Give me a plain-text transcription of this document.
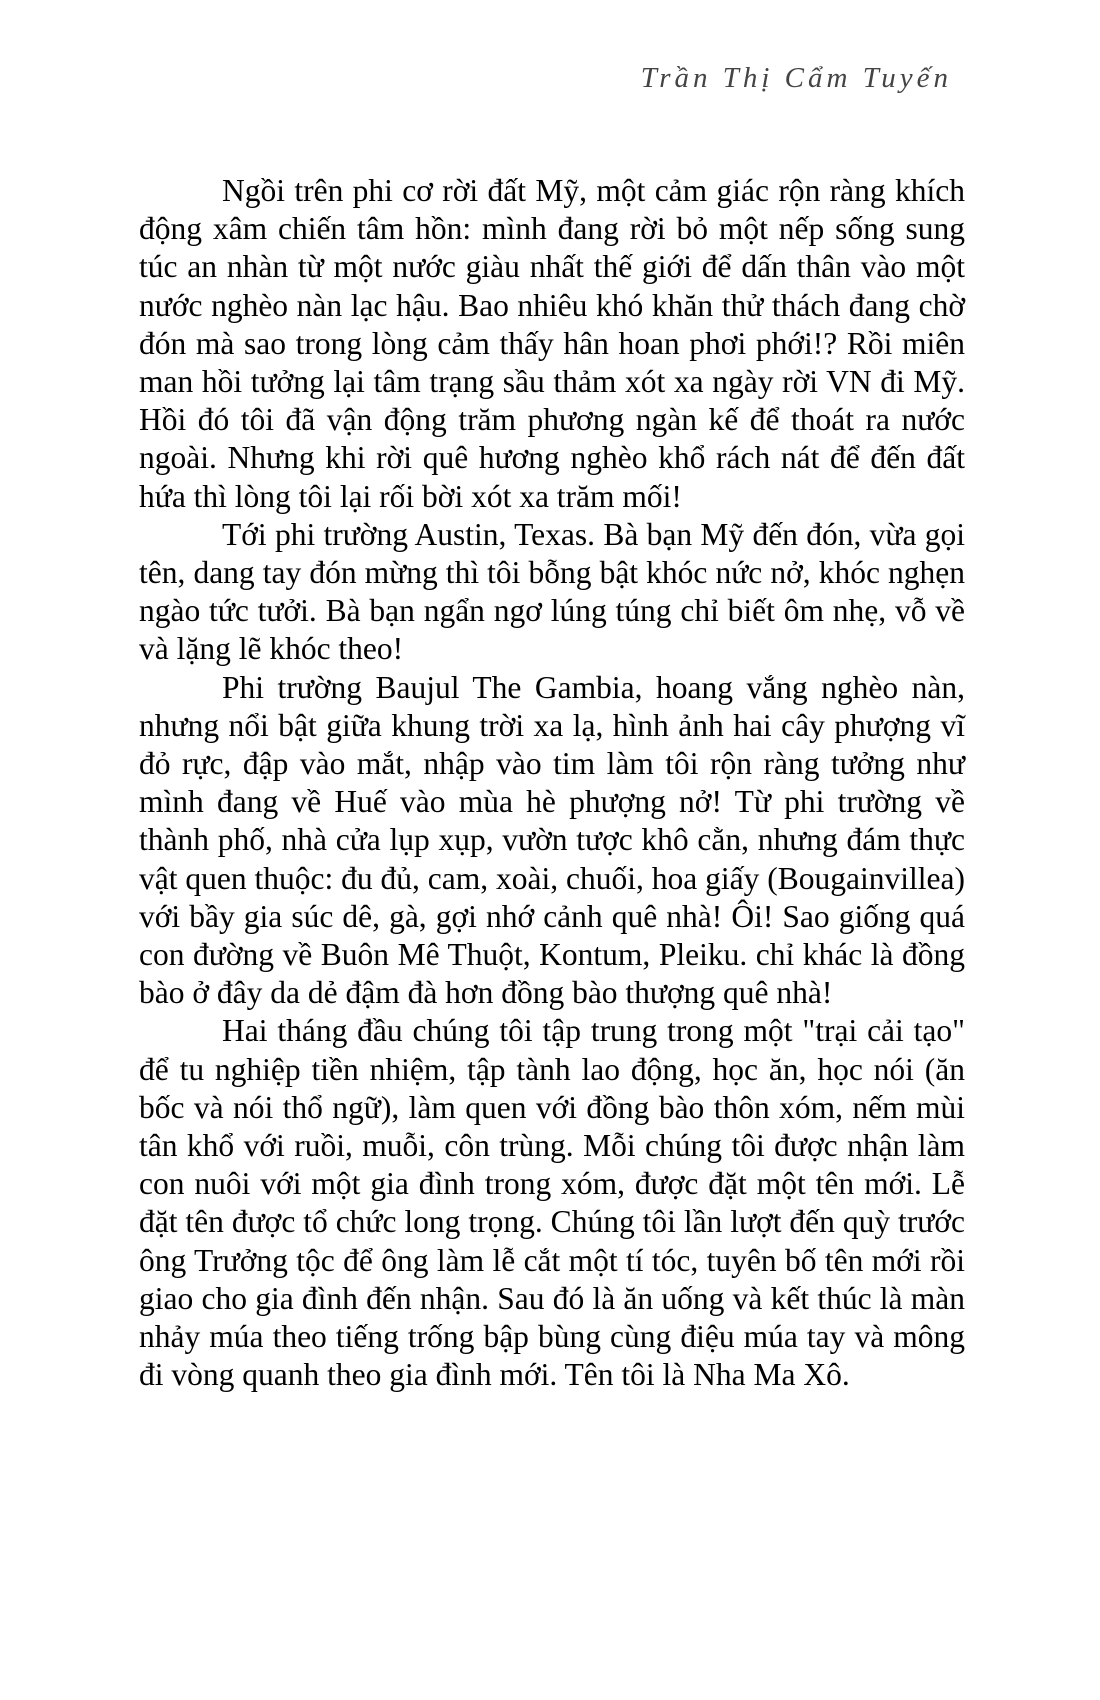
Trần Thị Cẩm Tuyến

Ngồi trên phi cơ rời đất Mỹ, một cảm giác rộn ràng khích động xâm chiến tâm hồn: mình đang rời bỏ một nếp sống sung túc an nhàn từ một nước giàu nhất thế giới để dấn thân vào một nước nghèo nàn lạc hậu. Bao nhiêu khó khăn thử thách đang chờ đón mà sao trong lòng cảm thấy hân hoan phơi phới!? Rồi miên man hồi tưởng lại tâm trạng sầu thảm xót xa ngày rời VN đi Mỹ. Hồi đó tôi đã vận động trăm phương ngàn kế để thoát ra nước ngoài. Nhưng khi rời quê hương nghèo khổ rách nát để đến đất hứa thì lòng tôi lại rối bời xót xa trăm mối!

Tới phi trường Austin, Texas. Bà bạn Mỹ đến đón, vừa gọi tên, dang tay đón mừng thì tôi bỗng bật khóc nức nở, khóc nghẹn ngào tức tưởi. Bà bạn ngẩn ngơ lúng túng chỉ biết ôm nhẹ, vỗ về và lặng lẽ khóc theo!

Phi trường Baujul The Gambia, hoang vắng nghèo nàn, nhưng nổi bật giữa khung trời xa lạ, hình ảnh hai cây phượng vĩ đỏ rực, đập vào mắt, nhập vào tim làm tôi rộn ràng tưởng như mình đang về Huế vào mùa hè phượng nở! Từ phi trường về thành phố, nhà cửa lụp xụp, vườn tược khô cằn, nhưng đám thực vật quen thuộc: đu đủ, cam, xoài, chuối, hoa giấy (Bougainvillea) với bầy gia súc dê, gà, gợi nhớ cảnh quê nhà! Ôi! Sao giống quá con đường về Buôn Mê Thuột, Kontum, Pleiku. chỉ khác là đồng bào ở đây da dẻ đậm đà hơn đồng bào thượng quê nhà!

Hai tháng đầu chúng tôi tập trung trong một "trại cải tạo" để tu nghiệp tiền nhiệm, tập tành lao động, học ăn, học nói (ăn bốc và nói thổ ngữ), làm quen với đồng bào thôn xóm, nếm mùi tân khổ với ruồi, muỗi, côn trùng. Mỗi chúng tôi được nhận làm con nuôi với một gia đình trong xóm, được đặt một tên mới. Lễ đặt tên được tổ chức long trọng. Chúng tôi lần lượt đến quỳ trước ông Trưởng tộc để ông làm lễ cắt một tí tóc, tuyên bố tên mới rồi giao cho gia đình đến nhận. Sau đó là ăn uống và kết thúc là màn nhảy múa theo tiếng trống bập bùng cùng điệu múa tay và mông đi vòng quanh theo gia đình mới. Tên tôi là Nha Ma Xô.
